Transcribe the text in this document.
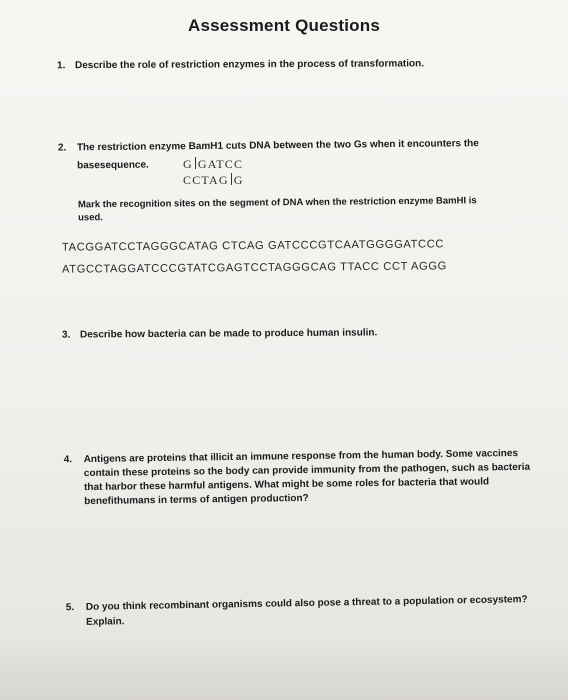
Assessment Questions
1. Describe the role of restriction enzymes in the process of transformation.
2. The restriction enzyme BamH1 cuts DNA between the two Gs when it encounters the
basesequence.	G GATCC
CCTAG G
Mark the recognition sites on the segment of DNA when the restriction enzyme BamHI is
used.
TACGGATCCTAGGGCATAG CTCAG GATCCCGTCAATGGGGATCCC
ATGCCTAGGATCCCGTATCGAGTCCTAGGGCAG TTACC CCT AGGG
3. Describe how bacteria can be made to produce human insulin.
4. Antigens are proteins that illicit an immune response from the human body. Some vaccines
contain these proteins so the body can provide immunity from the pathogen, such as bacteria
that harbor these harmful antigens. What might be some roles for bacteria that would
benefithumans in terms of antigen production?
5. Do you think recombinant organisms could also pose a threat to a population or ecosystem?
Explain.
